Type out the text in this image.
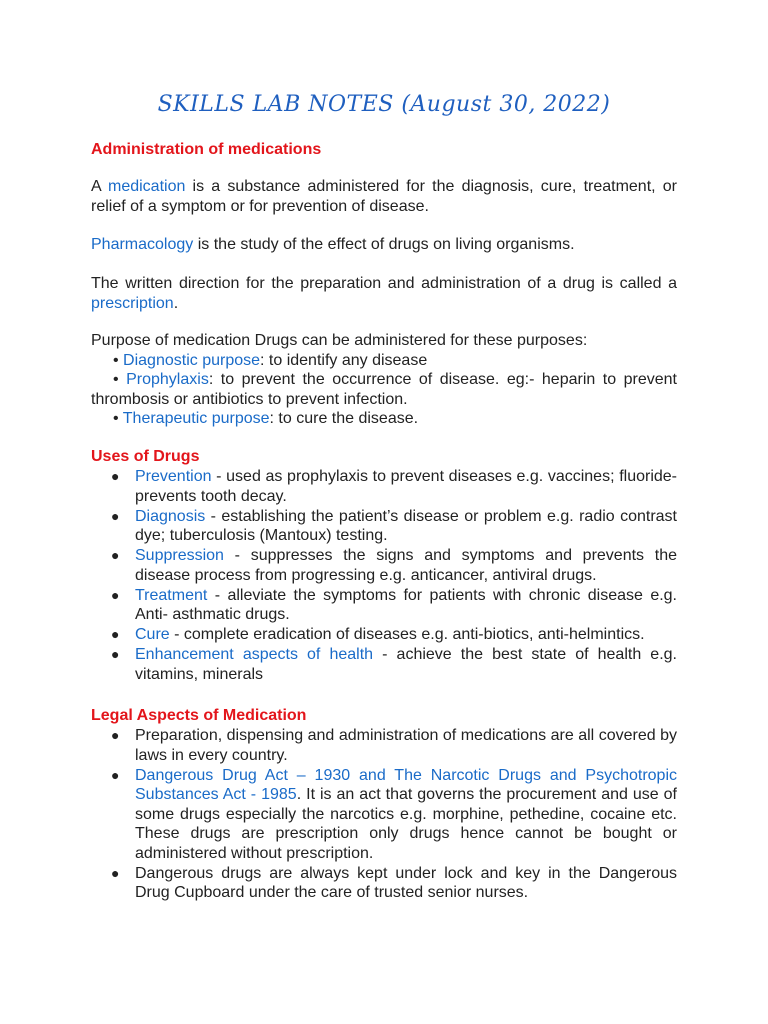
SKILLS LAB NOTES (August 30, 2022)
Administration of medications
A medication is a substance administered for the diagnosis, cure, treatment, or relief of a symptom or for prevention of disease.
Pharmacology is the study of the effect of drugs on living organisms.
The written direction for the preparation and administration of a drug is called a prescription.
Purpose of medication Drugs can be administered for these purposes:
• Diagnostic purpose: to identify any disease
• Prophylaxis: to prevent the occurrence of disease. eg:- heparin to prevent thrombosis or antibiotics to prevent infection.
• Therapeutic purpose: to cure the disease.
Uses of Drugs
● Prevention - used as prophylaxis to prevent diseases e.g. vaccines; fluoride-prevents tooth decay.
● Diagnosis - establishing the patient’s disease or problem e.g. radio contrast dye; tuberculosis (Mantoux) testing.
● Suppression - suppresses the signs and symptoms and prevents the disease process from progressing e.g. anticancer, antiviral drugs.
● Treatment - alleviate the symptoms for patients with chronic disease e.g. Anti- asthmatic drugs.
● Cure - complete eradication of diseases e.g. anti-biotics, anti-helmintics.
● Enhancement aspects of health - achieve the best state of health e.g. vitamins, minerals
Legal Aspects of Medication
● Preparation, dispensing and administration of medications are all covered by laws in every country.
● Dangerous Drug Act – 1930 and The Narcotic Drugs and Psychotropic Substances Act - 1985. It is an act that governs the procurement and use of some drugs especially the narcotics e.g. morphine, pethedine, cocaine etc. These drugs are prescription only drugs hence cannot be bought or administered without prescription.
● Dangerous drugs are always kept under lock and key in the Dangerous Drug Cupboard under the care of trusted senior nurses.
